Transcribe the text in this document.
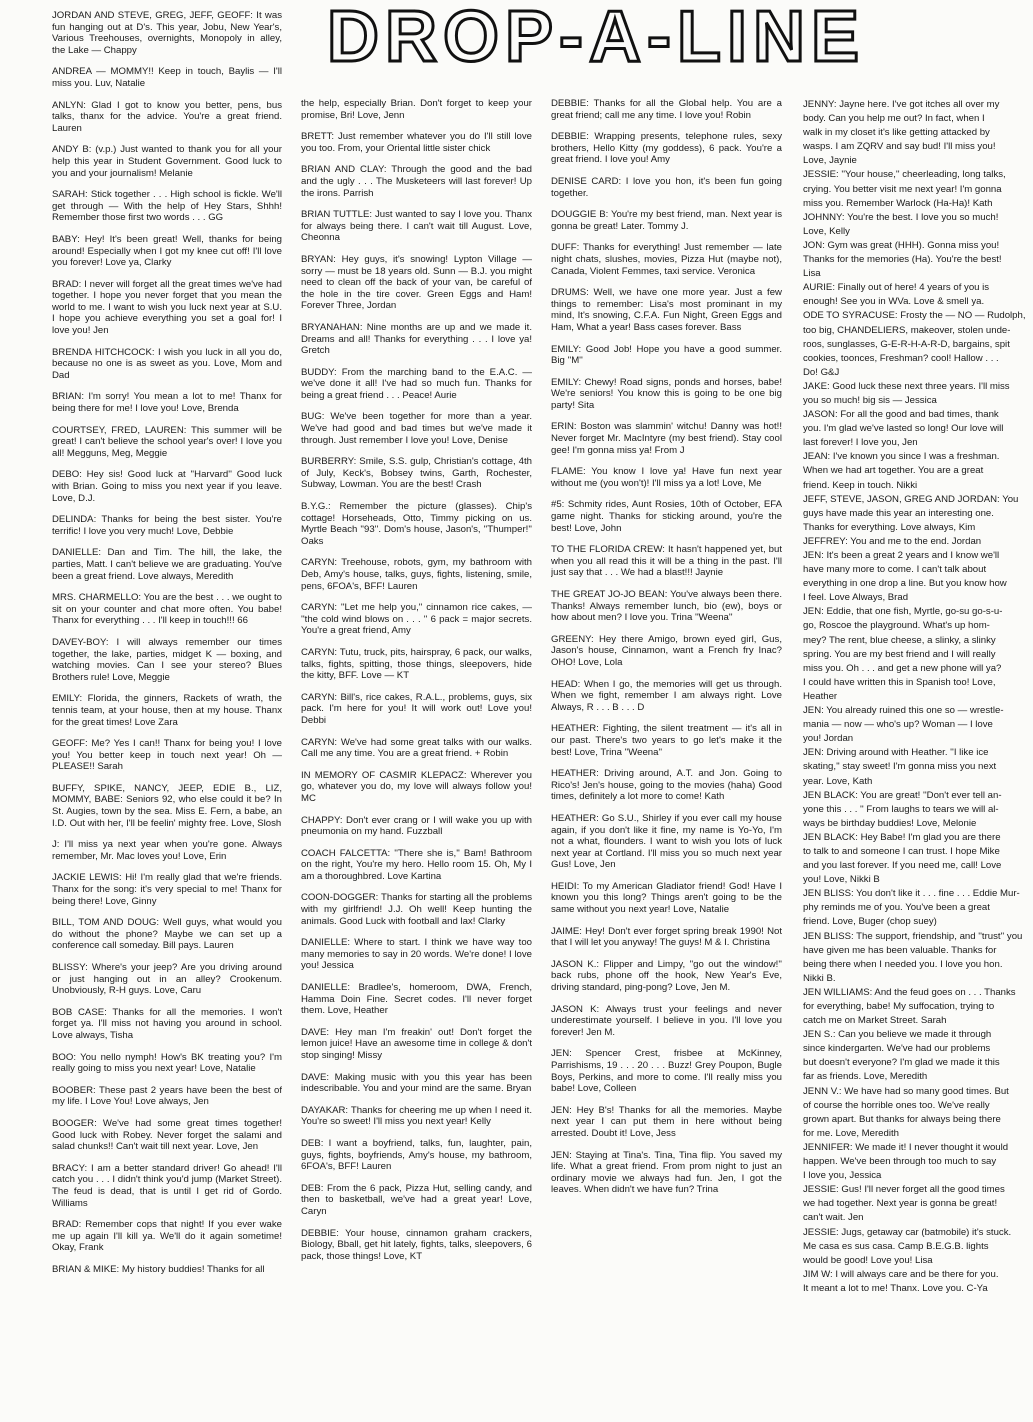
DROP-A-LINE

JORDAN AND STEVE, GREG, JEFF, GEOFF: It was fun hanging out at D's. This year, Jobu, New Year's, Various Treehouses, overnights, Monopoly in alley, the Lake — Chappy

ANDREA — MOMMY!! Keep in touch, Baylis — I'll miss you. Luv, Natalie

ANLYN: Glad I got to know you better, pens, bus talks, thanx for the advice. You're a great friend. Lauren

ANDY B: (v.p.) Just wanted to thank you for all your help this year in Student Government. Good luck to you and your journalism! Melanie

SARAH: Stick together . . . High school is fickle. We'll get through — With the help of Hey Stars, Shhh! Remember those first two words . . . GG

BABY: Hey! It's been great! Well, thanks for being around! Especially when I got my knee cut off! I'll love you forever! Love ya, Clarky

BRAD: I never will forget all the great times we've had together. I hope you never forget that you mean the world to me. I want to wish you luck next year at S.U. I hope you achieve everything you set a goal for! I love you! Jen

BRENDA HITCHCOCK: I wish you luck in all you do, because no one is as sweet as you. Love, Mom and Dad

BRIAN: I'm sorry! You mean a lot to me! Thanx for being there for me! I love you! Love, Brenda

COURTSEY, FRED, LAUREN: This summer will be great! I can't believe the school year's over! I love you all! Megguns, Meg, Meggie

DEBO: Hey sis! Good luck at ''Harvard'' Good luck with Brian. Going to miss you next year if you leave. Love, D.J.

DELINDA: Thanks for being the best sister. You're terrific! I love you very much! Love, Debbie

DANIELLE: Dan and Tim. The hill, the lake, the parties, Matt. I can't believe we are graduating. You've been a great friend. Love always, Meredith

MRS. CHARMELLO: You are the best . . . we ought to sit on your counter and chat more often. You babe! Thanx for everything . . . I'll keep in touch!!! 66

DAVEY-BOY: I will always remember our times together, the lake, parties, midget K — boxing, and watching movies. Can I see your stereo? Blues Brothers rule! Love, Meggie

EMILY: Florida, the ginners, Rackets of wrath, the tennis team, at your house, then at my house. Thanx for the great times! Love Zara

GEOFF: Me? Yes I can!! Thanx for being you! I love you! You better keep in touch next year! Oh — PLEASE!! Sarah

BUFFY, SPIKE, NANCY, JEEP, EDIE B., LIZ, MOMMY, BABE: Seniors 92, who else could it be? In St. Augies, town by the sea. Miss E. Fern, a babe, an I.D. Out with her, I'll be feelin' mighty free. Love, Slosh

J: I'll miss ya next year when you're gone. Always remember, Mr. Mac loves you! Love, Erin

JACKIE LEWIS: Hi! I'm really glad that we're friends. Thanx for the song: it's very special to me! Thanx for being there! Love, Ginny

BILL, TOM AND DOUG: Well guys, what would you do without the phone? Maybe we can set up a conference call someday. Bill pays. Lauren

BLISSY: Where's your jeep? Are you driving around or just hanging out in an alley? Crookenum. Unobviously, R-H guys. Love, Caru

BOB CASE: Thanks for all the memories. I won't forget ya. I'll miss not having you around in school. Love always, Tisha

BOO: You nello nymph! How's BK treating you? I'm really going to miss you next year! Love, Natalie

BOOBER: These past 2 years have been the best of my life. I Love You! Love always, Jen

BOOGER: We've had some great times together! Good luck with Robey. Never forget the salami and salad chunks!! Can't wait till next year. Love, Jen

BRACY: I am a better standard driver! Go ahead! I'll catch you . . . I didn't think you'd jump (Market Street). The feud is dead, that is until I get rid of Gordo. Williams

BRAD: Remember cops that night! If you ever wake me up again I'll kill ya. We'll do it again sometime! Okay, Frank

BRIAN & MIKE: My history buddies! Thanks for all

the help, especially Brian. Don't forget to keep your promise, Bri! Love, Jenn

BRETT: Just remember whatever you do I'll still love you too. From, your Oriental little sister chick

BRIAN AND CLAY: Through the good and the bad and the ugly . . . The Musketeers will last forever! Up the irons. Parrish

BRIAN TUTTLE: Just wanted to say I love you. Thanx for always being there. I can't wait till August. Love, Cheonna

BRYAN: Hey guys, it's snowing! Lypton Village — sorry — must be 18 years old. Sunn — B.J. you might need to clean off the back of your van, be careful of the hole in the tire cover. Green Eggs and Ham! Forever Three, Jordan

BRYANAHAN: Nine months are up and we made it. Dreams and all! Thanks for everything . . . I love ya! Gretch

BUDDY: From the marching band to the E.A.C. — we've done it all! I've had so much fun. Thanks for being a great friend . . . Peace! Aurie

BUG: We've been together for more than a year. We've had good and bad times but we've made it through. Just remember I love you! Love, Denise

BURBERRY: Smile, S.S. gulp, Christian's cottage, 4th of July, Keck's, Bobsey twins, Garth, Rochester, Subway, Lowman. You are the best! Crash

B.Y.G.: Remember the picture (glasses). Chip's cottage! Horseheads, Otto, Timmy picking on us. Myrtle Beach ''93''. Dom's house, Jason's, ''Thumper!'' Oaks

CARYN: Treehouse, robots, gym, my bathroom with Deb, Amy's house, talks, guys, fights, listening, smile, pens, 6FOA's, BFF! Lauren

CARYN: ''Let me help you,'' cinnamon rice cakes, — ''the cold wind blows on . . . '' 6 pack = major secrets. You're a great friend, Amy

CARYN: Tutu, truck, pits, hairspray, 6 pack, our walks, talks, fights, spitting, those things, sleepovers, hide the kitty, BFF. Love — KT

CARYN: Bill's, rice cakes, R.A.L., problems, guys, six pack. I'm here for you! It will work out! Love you! Debbi

CARYN: We've had some great talks with our walks. Call me any time. You are a great friend. + Robin

IN MEMORY OF CASMIR KLEPACZ: Wherever you go, whatever you do, my love will always follow you! MC

CHAPPY: Don't ever crang or I will wake you up with pneumonia on my hand. Fuzzball

COACH FALCETTA: ''There she is,'' Bam! Bathroom on the right, You're my hero. Hello room 15. Oh, My I am a thoroughbred. Love Kartina

COON-DOGGER: Thanks for starting all the problems with my girlfriend! J.J. Oh well! Keep hunting the animals. Good Luck with football and lax! Clarky

DANIELLE: Where to start. I think we have way too many memories to say in 20 words. We're done! I love you! Jessica

DANIELLE: Bradlee's, homeroom, DWA, French, Hamma Doin Fine. Secret codes. I'll never forget them. Love, Heather

DAVE: Hey man I'm freakin' out! Don't forget the lemon juice! Have an awesome time in college & don't stop singing! Missy

DAVE: Making music with you this year has been indescribable. You and your mind are the same. Bryan

DAYAKAR: Thanks for cheering me up when I need it. You're so sweet! I'll miss you next year! Kelly

DEB: I want a boyfriend, talks, fun, laughter, pain, guys, fights, boyfriends, Amy's house, my bathroom, 6FOA's, BFF! Lauren

DEB: From the 6 pack, Pizza Hut, selling candy, and then to basketball, we've had a great year! Love, Caryn

DEBBIE: Your house, cinnamon graham crackers, Biology, Bball, get hit lately, fights, talks, sleepovers, 6 pack, those things! Love, KT

DEBBIE: Thanks for all the Global help. You are a great friend; call me any time. I love you! Robin

DEBBIE: Wrapping presents, telephone rules, sexy brothers, Hello Kitty (my goddess), 6 pack. You're a great friend. I love you! Amy

DENISE CARD: I love you hon, it's been fun going together.

DOUGGIE B: You're my best friend, man. Next year is gonna be great! Later. Tommy J.

DUFF: Thanks for everything! Just remember — late night chats, slushes, movies, Pizza Hut (maybe not), Canada, Violent Femmes, taxi service. Veronica

DRUMS: Well, we have one more year. Just a few things to remember: Lisa's most prominant in my mind, It's snowing, C.F.A. Fun Night, Green Eggs and Ham, What a year! Bass cases forever. Bass

EMILY: Good Job! Hope you have a good summer. Big ''M''

EMILY: Chewy! Road signs, ponds and horses, babe! We're seniors! You know this is going to be one big party! Sita

ERIN: Boston was slammin' witchu! Danny was hot!! Never forget Mr. MacIntyre (my best friend). Stay cool gee! I'm gonna miss ya! From J

FLAME: You know I love ya! Have fun next year without me (you won't)! I'll miss ya a lot! Love, Me

#5: Schmity rides, Aunt Rosies, 10th of October, EFA game night. Thanks for sticking around, you're the best! Love, John

TO THE FLORIDA CREW: It hasn't happened yet, but when you all read this it will be a thing in the past. I'll just say that . . . We had a blast!!! Jaynie

THE GREAT JO-JO BEAN: You've always been there. Thanks! Always remember lunch, bio (ew), boys or how about men? I love you. Trina ''Weena''

GREENY: Hey there Amigo, brown eyed girl, Gus, Jason's house, Cinnamon, want a French fry Inac? OHO! Love, Lola

HEAD: When I go, the memories will get us through. When we fight, remember I am always right. Love Always, R . . . B . . . D

HEATHER: Fighting, the silent treatment — it's all in our past. There's two years to go let's make it the best! Love, Trina ''Weena''

HEATHER: Driving around, A.T. and Jon. Going to Rico's! Jen's house, going to the movies (haha) Good times, definitely a lot more to come! Kath

HEATHER: Go S.U., Shirley if you ever call my house again, if you don't like it fine, my name is Yo-Yo, I'm not a what, flounders. I want to wish you lots of luck next year at Cortland. I'll miss you so much next year Gus! Love, Jen

HEIDI: To my American Gladiator friend! God! Have I known you this long? Things aren't going to be the same without you next year! Love, Natalie

JAIME: Hey! Don't ever forget spring break 1990! Not that I will let you anyway! The guys! M & I. Christina

JASON K.: Flipper and Limpy, ''go out the window!'' back rubs, phone off the hook, New Year's Eve, driving standard, ping-pong? Love, Jen M.

JASON K: Always trust your feelings and never underestimate yourself. I believe in you. I'll love you forever! Jen M.

JEN: Spencer Crest, frisbee at McKinney, Parrishisms, 19 . . . 20 . . . Buzz! Grey Poupon, Bugle Boys, Perkins, and more to come. I'll really miss you babe! Love, Colleen

JEN: Hey B's! Thanks for all the memories. Maybe next year I can put them in here without being arrested. Doubt it! Love, Jess

JEN: Staying at Tina's. Tina, Tina flip. You saved my life. What a great friend. From prom night to just an ordinary movie we always had fun. Jen, I got the leaves. When didn't we have fun? Trina

JENNY: Jayne here. I've got itches all over my

body. Can you help me out? In fact, when I

walk in my closet it's like getting attacked by

wasps. I am ZQRV and say bud! I'll miss you!

Love, Jaynie

JESSIE: ''Your house,'' cheerleading, long talks,

crying. You better visit me next year! I'm gonna

miss you. Remember Warlock (Ha-Ha)! Kath

JOHNNY: You're the best. I love you so much!

Love, Kelly

JON: Gym was great (HHH). Gonna miss you!

Thanks for the memories (Ha). You're the best!

Lisa

AURIE: Finally out of here! 4 years of you is

enough! See you in WVa. Love & smell ya.

ODE TO SYRACUSE: Frosty the — NO — Rudolph,

too big, CHANDELIERS, makeover, stolen unde-

roos, sunglasses, G-E-R-H-A-R-D, bargains, spit

cookies, toonces, Freshman? cool! Hallow . . .

Do! G&J

JAKE: Good luck these next three years. I'll miss

you so much! big sis — Jessica

JASON: For all the good and bad times, thank

you. I'm glad we've lasted so long! Our love will

last forever! I love you, Jen

JEAN: I've known you since I was a freshman.

When we had art together. You are a great

friend. Keep in touch. Nikki

JEFF, STEVE, JASON, GREG AND JORDAN: You

guys have made this year an interesting one.

Thanks for everything. Love always, Kim

JEFFREY: You and me to the end. Jordan

JEN: It's been a great 2 years and I know we'll

have many more to come. I can't talk about

everything in one drop a line. But you know how

I feel. Love Always, Brad

JEN: Eddie, that one fish, Myrtle, go-su go-s-u-

go, Roscoe the playground. What's up hom-

mey? The rent, blue cheese, a slinky, a slinky

spring. You are my best friend and I will really

miss you. Oh . . . and get a new phone will ya?

I could have written this in Spanish too! Love,

Heather

JEN: You already ruined this one so — wrestle-

mania — now — who's up? Woman — I love

you! Jordan

JEN: Driving around with Heather. ''I like ice

skating,'' stay sweet! I'm gonna miss you next

year. Love, Kath

JEN BLACK: You are great! ''Don't ever tell an-

yone this . . . '' From laughs to tears we will al-

ways be birthday buddies! Love, Melonie

JEN BLACK: Hey Babe! I'm glad you are there

to talk to and someone I can trust. I hope Mike

and you last forever. If you need me, call! Love

you! Love, Nikki B

JEN BLISS: You don't like it . . . fine . . . Eddie Mur-

phy reminds me of you. You've been a great

friend. Love, Buger (chop suey)

JEN BLISS: The support, friendship, and ''trust'' you

have given me has been valuable. Thanks for

being there when I needed you. I love you hon.

Nikki B.

JEN WILLIAMS: And the feud goes on . . . Thanks

for everything, babe! My suffocation, trying to

catch me on Market Street. Sarah

JEN S.: Can you believe we made it through

since kindergarten. We've had our problems

but doesn't everyone? I'm glad we made it this

far as friends. Love, Meredith

JENN V.: We have had so many good times. But

of course the horrible ones too. We've really

grown apart. But thanks for always being there

for me. Love, Meredith

JENNIFER: We made it! I never thought it would

happen. We've been through too much to say

I love you, Jessica

JESSIE: Gus! I'll never forget all the good times

we had together. Next year is gonna be great!

can't wait. Jen

JESSIE: Jugs, getaway car (batmobile) it's stuck.

Me casa es sus casa. Camp B.E.G.B. lights

would be good! Love you! Lisa

JIM W: I will always care and be there for you.

It meant a lot to me! Thanx. Love you. C-Ya
